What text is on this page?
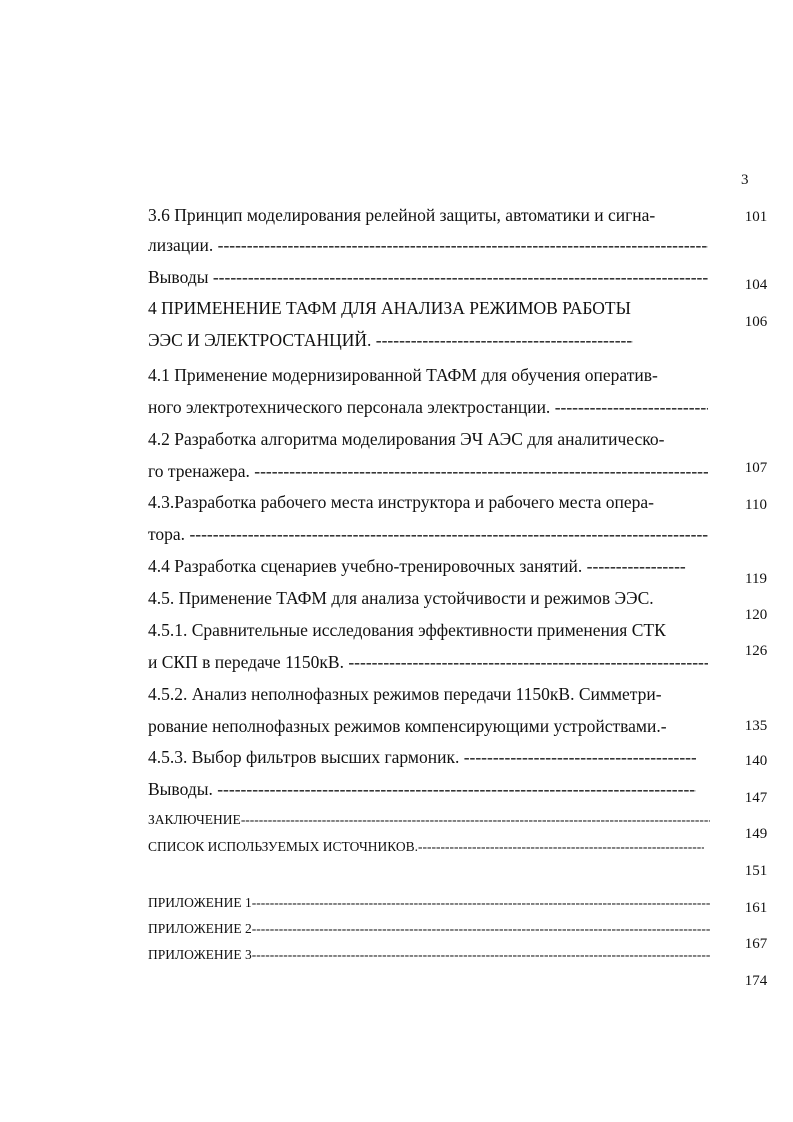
3
3.6 Принцип моделирования релейной защиты, автоматики и сигна-
лизации. -----
Выводы -----
4 ПРИМЕНЕНИЕ ТАФМ ДЛЯ АНАЛИЗА РЕЖИМОВ РАБОТЫ
ЭЭС И ЭЛЕКТРОСТАНЦИЙ. -----
4.1 Применение модернизированной ТАФМ для обучения оператив-
ного электротехнического персонала электростанции. -----
4.2 Разработка алгоритма моделирования ЭЧ АЭС для аналитическо-
го тренажера. -----
4.3.Разработка рабочего места инструктора и рабочего места опера-
тора. -----
4.4 Разработка сценариев учебно-тренировочных занятий. -----
4.5. Применение ТАФМ для анализа устойчивости и режимов ЭЭС.
4.5.1. Сравнительные исследования эффективности применения СТК
и СКП в передаче 1150кВ. -----
4.5.2. Анализ неполнофазных режимов передачи 1150кВ. Симметри-
рование неполнофазных режимов компенсирующими устройствами.-
4.5.3. Выбор фильтров высших гармоник. -----
Выводы. -----
ЗАКЛЮЧЕНИЕ -----
СПИСОК ИСПОЛЬЗУЕМЫХ ИСТОЧНИКОВ. -----
ПРИЛОЖЕНИЕ 1 -----
ПРИЛОЖЕНИЕ 2 -----
ПРИЛОЖЕНИЕ 3 -----
101
104
106
107
110
119
120
126
135
140
147
149
151
161
167
174
